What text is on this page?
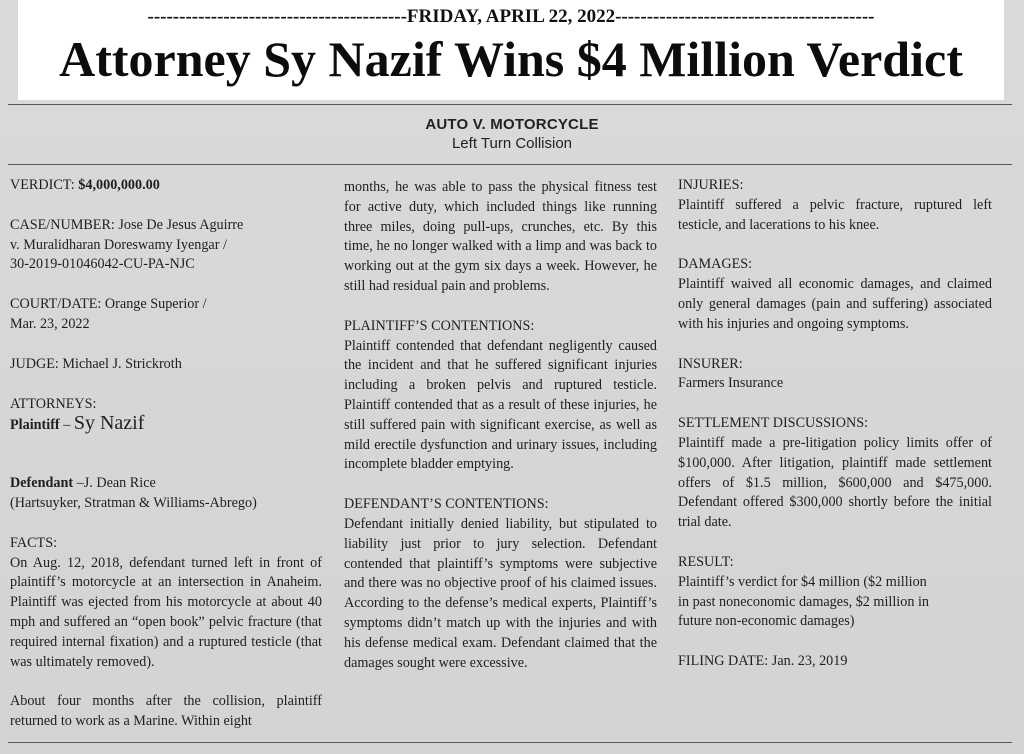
-----------------------------------------FRIDAY, APRIL 22, 2022-----------------------------------------
Attorney Sy Nazif Wins $4 Million Verdict
AUTO V. MOTORCYCLE
Left Turn Collision

VERDICT: $4,000,000.00

CASE/NUMBER: Jose De Jesus Aguirre
v. Muralidharan Doreswamy Iyengar /
30-2019-01046042-CU-PA-NJC

COURT/DATE: Orange Superior /
Mar. 23, 2022

JUDGE: Michael J. Strickroth

ATTORNEYS:
Plaintiff – Sy Nazif

Defendant –J. Dean Rice
(Hartsuyker, Stratman & Williams-Abrego)

FACTS:

On Aug. 12, 2018, defendant turned left in front of plaintiff’s motorcycle at an intersection in Anaheim. Plaintiff was ejected from his motorcycle at about 40 mph and suffered an “open book” pelvic fracture (that required internal fixation) and a ruptured testicle (that was ultimately removed).

About four months after the collision, plaintiff returned to work as a Marine. Within eight

months, he was able to pass the physical fitness test for active duty, which included things like running three miles, doing pull-ups, crunches, etc. By this time, he no longer walked with a limp and was back to working out at the gym six days a week. However, he still had residual pain and problems.

PLAINTIFF’S CONTENTIONS:

Plaintiff contended that defendant negligently caused the incident and that he suffered significant injuries including a broken pelvis and ruptured testicle. Plaintiff contended that as a result of these injuries, he still suffered pain with significant exercise, as well as mild erectile dysfunction and urinary issues, including incomplete bladder emptying.

DEFENDANT’S CONTENTIONS:

Defendant initially denied liability, but stipulated to liability just prior to jury selection. Defendant contended that plaintiff’s symptoms were subjective and there was no objective proof of his claimed issues. According to the defense’s medical experts, Plaintiff’s symptoms didn’t match up with the injuries and with his defense medical exam. Defendant claimed that the damages sought were excessive.

INJURIES:

Plaintiff suffered a pelvic fracture, ruptured left testicle, and lacerations to his knee.

DAMAGES:

Plaintiff waived all economic damages, and claimed only general damages (pain and suffering) associated with his injuries and ongoing symptoms.

INSURER:

Farmers Insurance

SETTLEMENT DISCUSSIONS:

Plaintiff made a pre-litigation policy limits offer of $100,000. After litigation, plaintiff made settlement offers of $1.5 million, $600,000 and $475,000. Defendant offered $300,000 shortly before the initial trial date.

RESULT:

Plaintiff’s verdict for $4 million ($2 million
in past noneconomic damages, $2 million in
future non-economic damages)

FILING DATE: Jan. 23, 2019
